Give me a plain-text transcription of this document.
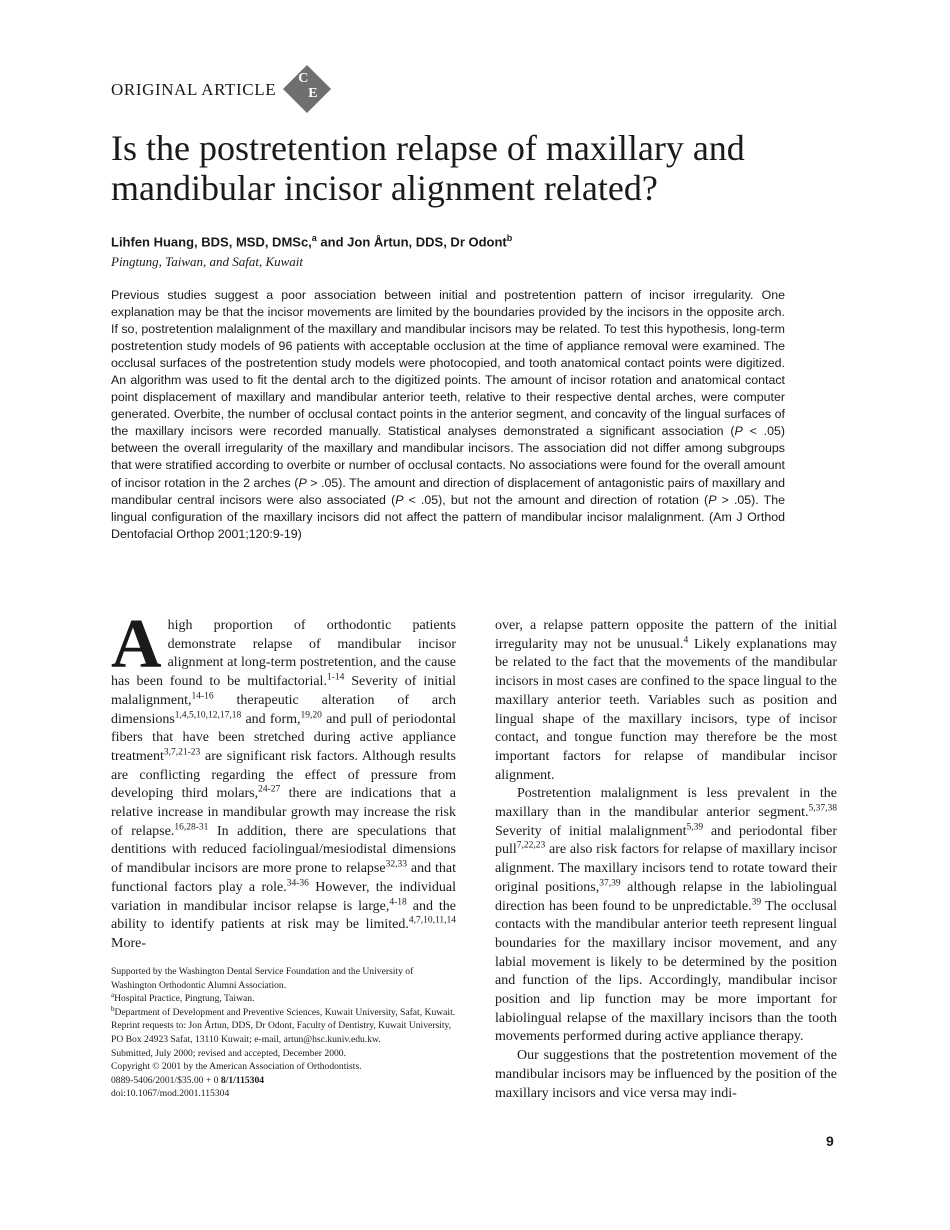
ORIGINAL ARTICLE
C
E
Is the postretention relapse of maxillary and mandibular incisor alignment related?
Lihfen Huang, BDS, MSD, DMSc,$^a$ and Jon Årtun, DDS, Dr Odont$^b$
Pingtung, Taiwan, and Safat, Kuwait

Previous studies suggest a poor association between initial and postretention pattern of incisor irregularity. One explanation may be that the incisor movements are limited by the boundaries provided by the incisors in the opposite arch. If so, postretention malalignment of the maxillary and mandibular incisors may be related. To test this hypothesis, long-term postretention study models of 96 patients with acceptable occlusion at the time of appliance removal were examined. The occlusal surfaces of the postretention study models were photocopied, and tooth anatomical contact points were digitized. An algorithm was used to fit the dental arch to the digitized points. The amount of incisor rotation and anatomical contact point displacement of maxillary and mandibular anterior teeth, relative to their respective dental arches, were computer generated. Overbite, the number of occlusal contact points in the anterior segment, and concavity of the lingual surfaces of the maxillary incisors were recorded manually. Statistical analyses demonstrated a significant association (P < .05) between the overall irregularity of the maxillary and mandibular incisors. The association did not differ among subgroups that were stratified according to overbite or number of occlusal contacts. No associations were found for the overall amount of incisor rotation in the 2 arches (P > .05). The amount and direction of displacement of antagonistic pairs of maxillary and mandibular central incisors were also associated (P < .05), but not the amount and direction of rotation (P > .05). The lingual configuration of the maxillary incisors did not affect the pattern of mandibular incisor malalignment. (Am J Orthod Dentofacial Orthop 2001;120:9-19)

A high proportion of orthodontic patients demonstrate relapse of mandibular incisor alignment at long-term postretention, and the cause has been found to be multifactorial.$^{1-14}$ Severity of initial malalignment,$^{14-16}$ therapeutic alteration of arch dimensions$^{1,4,5,10,12,17,18}$ and form,$^{19,20}$ and pull of periodontal fibers that have been stretched during active appliance treatment$^{3,7,21-23}$ are significant risk factors. Although results are conflicting regarding the effect of pressure from developing third molars,$^{24-27}$ there are indications that a relative increase in mandibular growth may increase the risk of relapse.$^{16,28-31}$ In addition, there are speculations that dentitions with reduced faciolingual/mesiodistal dimensions of mandibular incisors are more prone to relapse$^{32,33}$ and that functional factors play a role.$^{34-36}$ However, the individual variation in mandibular incisor relapse is large,$^{4-18}$ and the ability to identify patients at risk may be limited.$^{4,7,10,11,14}$ More-

Supported by the Washington Dental Service Foundation and the University of Washington Orthodontic Alumni Association.
$^a$Hospital Practice, Pingtung, Taiwan.
$^b$Department of Development and Preventive Sciences, Kuwait University, Safat, Kuwait.
Reprint requests to: Jon Årtun, DDS, Dr Odont, Faculty of Dentistry, Kuwait University, PO Box 24923 Safat, 13110 Kuwait; e-mail, artun@hsc.kuniv.edu.kw.
Submitted, July 2000; revised and accepted, December 2000.
Copyright © 2001 by the American Association of Orthodontists.
0889-5406/2001/$35.00 + 0 8/1/115304
doi:10.1067/mod.2001.115304

over, a relapse pattern opposite the pattern of the initial irregularity may not be unusual.$^4$ Likely explanations may be related to the fact that the movements of the mandibular incisors in most cases are confined to the space lingual to the maxillary anterior teeth. Variables such as position and lingual shape of the maxillary incisors, type of incisor contact, and tongue function may therefore be the most important factors for relapse of mandibular incisor alignment.

Postretention malalignment is less prevalent in the maxillary than in the mandibular anterior segment.$^{5,37,38}$ Severity of initial malalignment$^{5,39}$ and periodontal fiber pull$^{7,22,23}$ are also risk factors for relapse of maxillary incisor alignment. The maxillary incisors tend to rotate toward their original positions,$^{37,39}$ although relapse in the labiolingual direction has been found to be unpredictable.$^{39}$ The occlusal contacts with the mandibular anterior teeth represent lingual boundaries for the maxillary incisor movement, and any labial movement is likely to be determined by the position and function of the lips. Accordingly, mandibular incisor position and lip function may be more important for labiolingual relapse of the maxillary incisors than the tooth movements performed during active appliance therapy.

Our suggestions that the postretention movement of the mandibular incisors may be influenced by the position of the maxillary incisors and vice versa may indi-

9
